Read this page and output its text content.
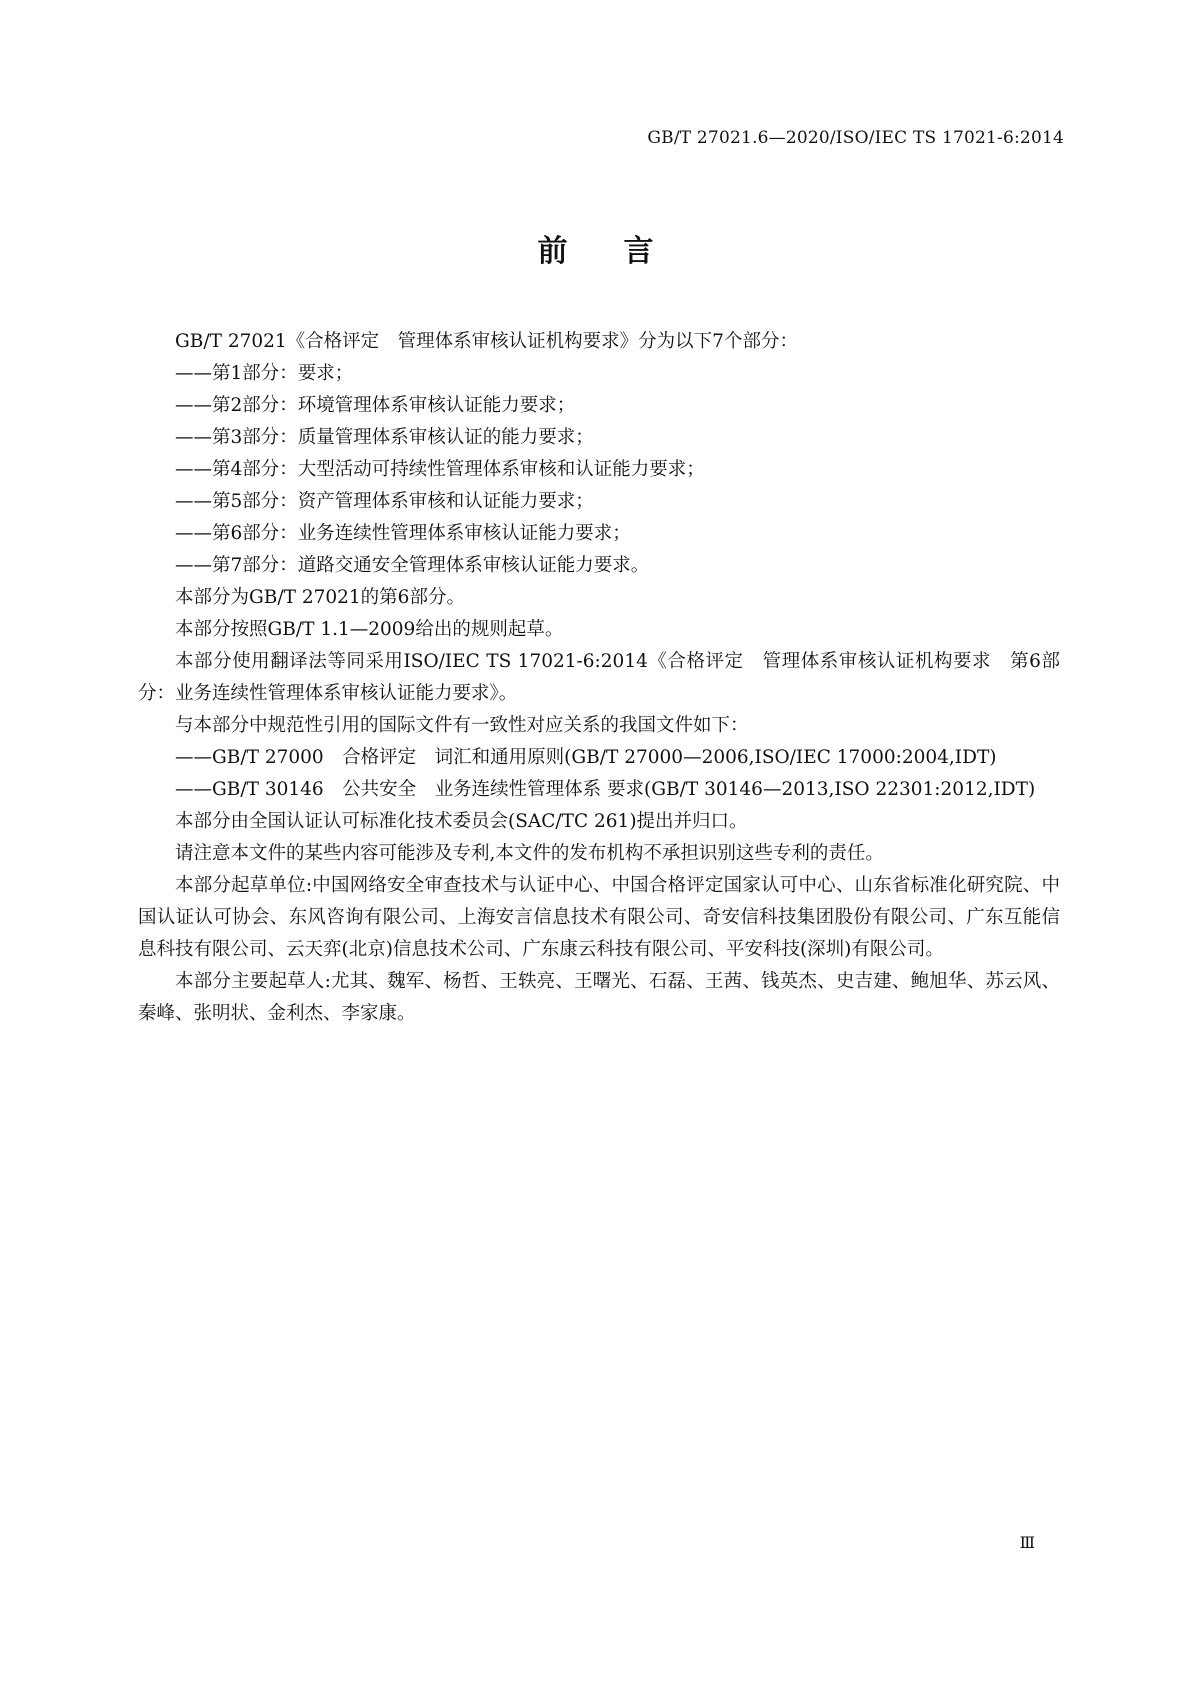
GB/T 27021.6—2020/ISO/IEC TS 17021-6:2014
前言

GB/T 27021《合格评定　管理体系审核认证机构要求》分为以下7个部分：

——第1部分：要求；

——第2部分：环境管理体系审核认证能力要求；

——第3部分：质量管理体系审核认证的能力要求；

——第4部分：大型活动可持续性管理体系审核和认证能力要求；

——第5部分：资产管理体系审核和认证能力要求；

——第6部分：业务连续性管理体系审核认证能力要求；

——第7部分：道路交通安全管理体系审核认证能力要求。

本部分为GB/T 27021的第6部分。

本部分按照GB/T 1.1—2009给出的规则起草。

本部分使用翻译法等同采用ISO/IEC TS 17021-6:2014《合格评定　管理体系审核认证机构要求　第6部分：业务连续性管理体系审核认证能力要求》。

与本部分中规范性引用的国际文件有一致性对应关系的我国文件如下：

——GB/T 27000　合格评定　词汇和通用原则(GB/T 27000—2006,ISO/IEC 17000:2004,IDT)

——GB/T 30146　公共安全　业务连续性管理体系 要求(GB/T 30146—2013,ISO 22301:2012,IDT)

本部分由全国认证认可标准化技术委员会(SAC/TC 261)提出并归口。

请注意本文件的某些内容可能涉及专利,本文件的发布机构不承担识别这些专利的责任。

本部分起草单位:中国网络安全审查技术与认证中心、中国合格评定国家认可中心、山东省标准化研究院、中国认证认可协会、东风咨询有限公司、上海安言信息技术有限公司、奇安信科技集团股份有限公司、广东互能信息科技有限公司、云天弈(北京)信息技术公司、广东康云科技有限公司、平安科技(深圳)有限公司。

本部分主要起草人:尤其、魏军、杨哲、王轶亮、王曙光、石磊、王茜、钱英杰、史吉建、鲍旭华、苏云风、秦峰、张明状、金利杰、李家康。

Ⅲ
